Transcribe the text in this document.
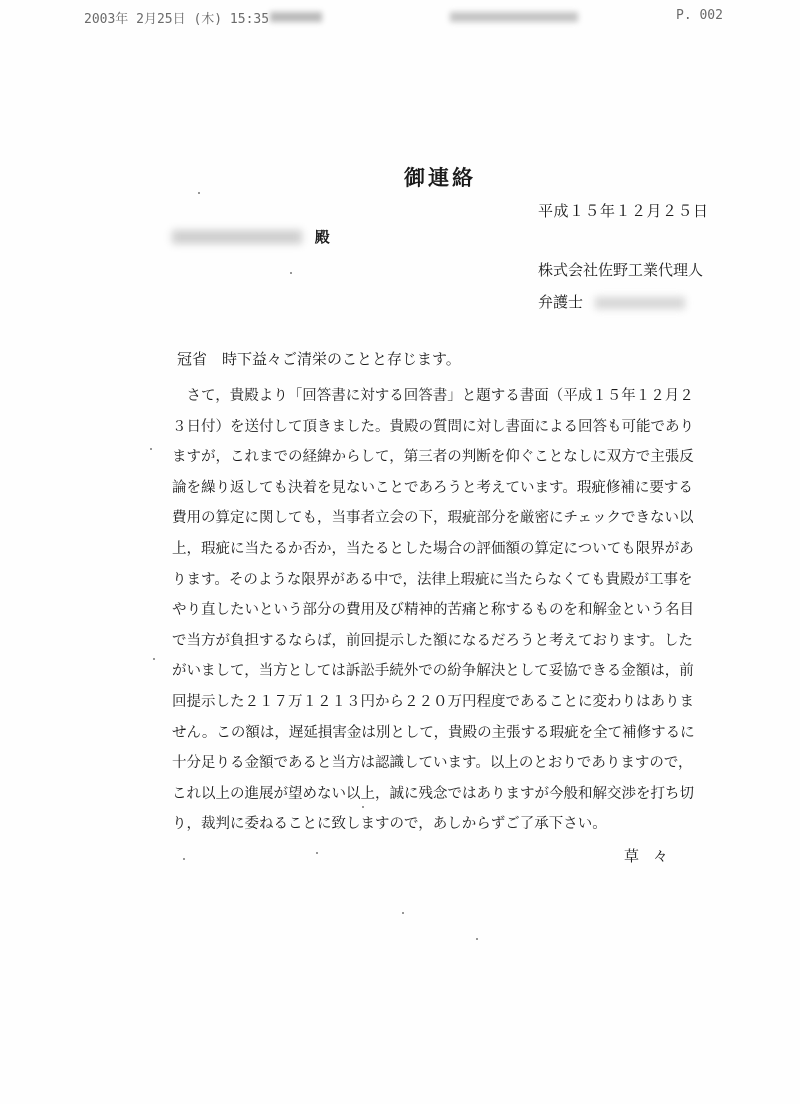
2003年 2月25日 (木) 15:35	P. 002
御連絡
平成１５年１２月２５日
殿
株式会社佐野工業代理人
弁護士
冠省　時下益々ご清栄のことと存じます。
　さて，貴殿より「回答書に対する回答書」と題する書面（平成１５年１２月２
３日付）を送付して頂きました。貴殿の質問に対し書面による回答も可能であり
ますが，これまでの経緯からして，第三者の判断を仰ぐことなしに双方で主張反
論を繰り返しても決着を見ないことであろうと考えています。瑕疵修補に要する
費用の算定に関しても，当事者立会の下，瑕疵部分を厳密にチェックできない以
上，瑕疵に当たるか否か，当たるとした場合の評価額の算定についても限界があ
ります。そのような限界がある中で，法律上瑕疵に当たらなくても貴殿が工事を
やり直したいという部分の費用及び精神的苦痛と称するものを和解金という名目
で当方が負担するならば，前回提示した額になるだろうと考えております。した
がいまして，当方としては訴訟手続外での紛争解決として妥協できる金額は，前
回提示した２１７万１２１３円から２２０万円程度であることに変わりはありま
せん。この額は，遅延損害金は別として，貴殿の主張する瑕疵を全て補修するに
十分足りる金額であると当方は認識しています。以上のとおりでありますので，
これ以上の進展が望めない以上，誠に残念ではありますが今般和解交渉を打ち切
り，裁判に委ねることに致しますので，あしからずご了承下さい。
草々
